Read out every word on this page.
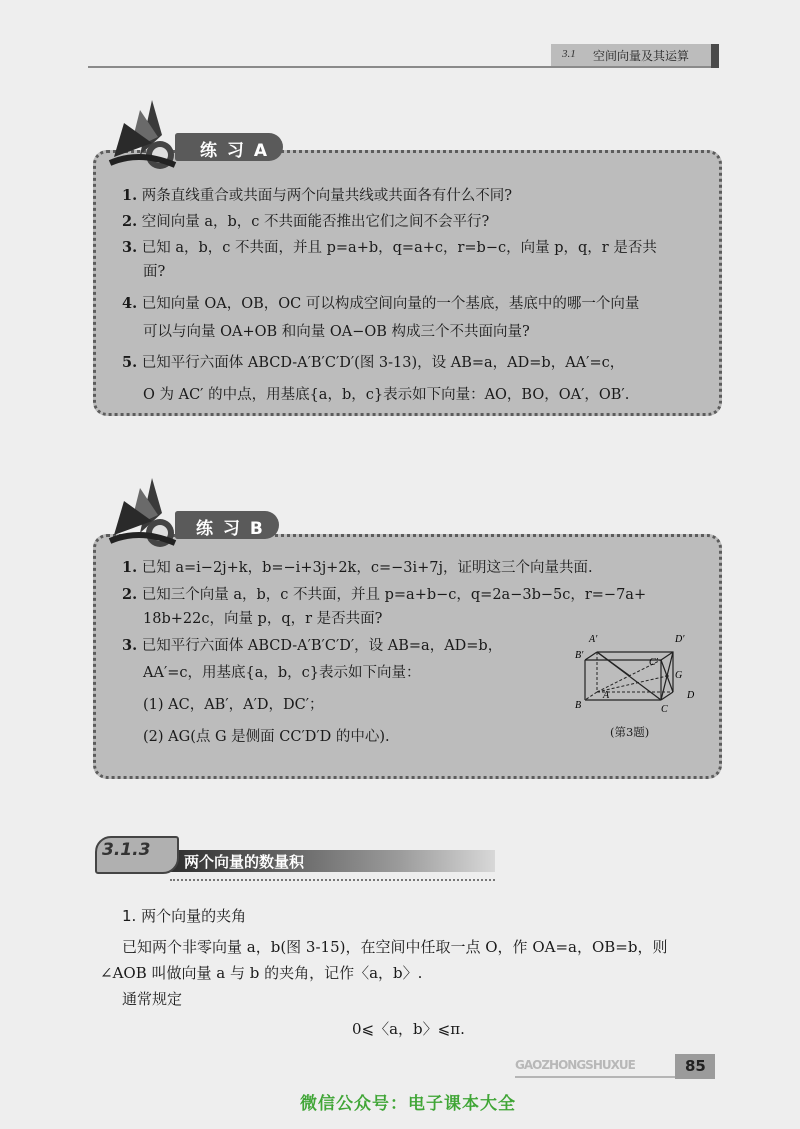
3.1 空间向量及其运算
练 习 A
1. 两条直线重合或共面与两个向量共线或共面各有什么不同?
2. 空间向量 a，b，c 不共面能否推出它们之间不会平行?
3. 已知 a，b，c 不共面，并且 p=a+b，q=a+c，r=b−c，向量 p，q，r 是否共
面?
4. 已知向量 OA，OB，OC 可以构成空间向量的一个基底，基底中的哪一个向量
可以与向量 OA+OB 和向量 OA−OB 构成三个不共面向量?
5. 已知平行六面体 ABCD-A′B′C′D′(图 3-13)，设 AB=a，AD=b，AA′=c，
O 为 AC′ 的中点，用基底{a，b，c}表示如下向量：AO，BO，OA′，OB′.
练 习 B
1. 已知 a=i−2j+k，b=−i+3j+2k，c=−3i+7j，证明这三个向量共面.
2. 已知三个向量 a，b，c 不共面，并且 p=a+b−c，q=2a−3b−5c，r=−7a+
18b+22c，向量 p，q，r 是否共面?
3. 已知平行六面体 ABCD-A′B′C′D′，设 AB=a，AD=b，
AA′=c，用基底{a，b，c}表示如下向量：
(1) AC，AB′，A′D，DC′；
(2) AG(点 G 是侧面 CC′D′D 的中心).
A′	D′
B′
C′
G
A	D
B	C
(第3题)
3.1.3
两个向量的数量积
1. 两个向量的夹角
已知两个非零向量 a，b(图 3-15)，在空间中任取一点 O，作 OA=a，OB=b，则
∠AOB 叫做向量 a 与 b 的夹角，记作〈a，b〉.
通常规定
0⩽〈a，b〉⩽π.
GAOZHONGSHUXUE	85
微信公众号：电子课本大全
